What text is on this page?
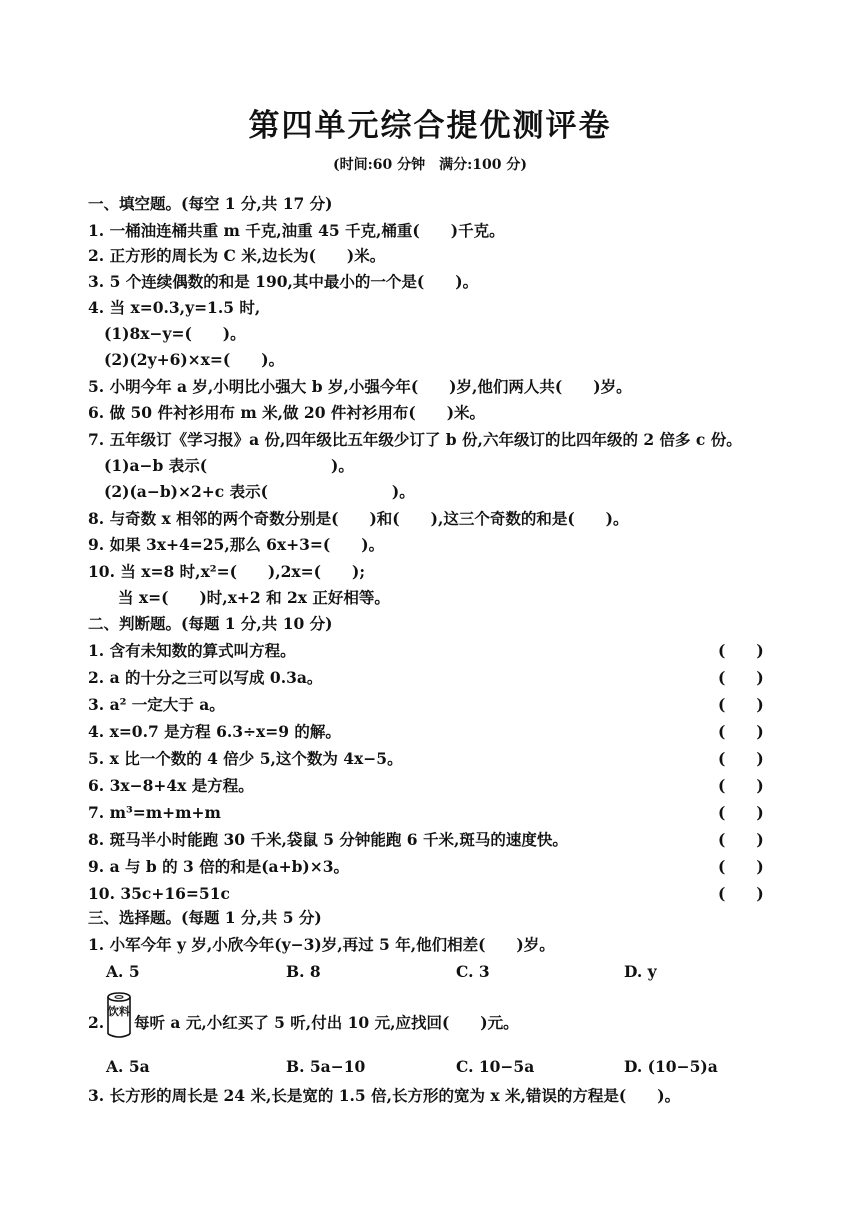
第四单元综合提优测评卷
(时间:60 分钟　满分:100 分)
一、填空题。(每空 1 分,共 17 分)
1. 一桶油连桶共重 m 千克,油重 45 千克,桶重(　　)千克。
2. 正方形的周长为 C 米,边长为(　　)米。
3. 5 个连续偶数的和是 190,其中最小的一个是(　　)。
4. 当 x=0.3,y=1.5 时,
(1)8x−y=(　　)。
(2)(2y+6)×x=(　　)。
5. 小明今年 a 岁,小明比小强大 b 岁,小强今年(　　)岁,他们两人共(　　)岁。
6. 做 50 件衬衫用布 m 米,做 20 件衬衫用布(　　)米。
7. 五年级订《学习报》a 份,四年级比五年级少订了 b 份,六年级订的比四年级的 2 倍多 c 份。
(1)a−b 表示(　　　　　　　　)。
(2)(a−b)×2+c 表示(　　　　　　　　)。
8. 与奇数 x 相邻的两个奇数分别是(　　)和(　　),这三个奇数的和是(　　)。
9. 如果 3x+4=25,那么 6x+3=(　　)。
10. 当 x=8 时,x²=(　　),2x=(　　);
当 x=(　　)时,x+2 和 2x 正好相等。
二、判断题。(每题 1 分,共 10 分)
1. 含有未知数的算式叫方程。	(　　)
2. a 的十分之三可以写成 0.3a。	(　　)
3. a² 一定大于 a。	(　　)
4. x=0.7 是方程 6.3÷x=9 的解。	(　　)
5. x 比一个数的 4 倍少 5,这个数为 4x−5。	(　　)
6. 3x−8+4x 是方程。	(　　)
7. m³=m+m+m	(　　)
8. 斑马半小时能跑 30 千米,袋鼠 5 分钟能跑 6 千米,斑马的速度快。	(　　)
9. a 与 b 的 3 倍的和是(a+b)×3。	(　　)
10. 35c+16=51c	(　　)
三、选择题。(每题 1 分,共 5 分)
1. 小军今年 y 岁,小欣今年(y−3)岁,再过 5 年,他们相差(　　)岁。
A. 5	B. 8	C. 3	D. y
2.
饮料
每听 a 元,小红买了 5 听,付出 10 元,应找回(　　)元。
A. 5a	B. 5a−10	C. 10−5a	D. (10−5)a
3. 长方形的周长是 24 米,长是宽的 1.5 倍,长方形的宽为 x 米,错误的方程是(　　)。
